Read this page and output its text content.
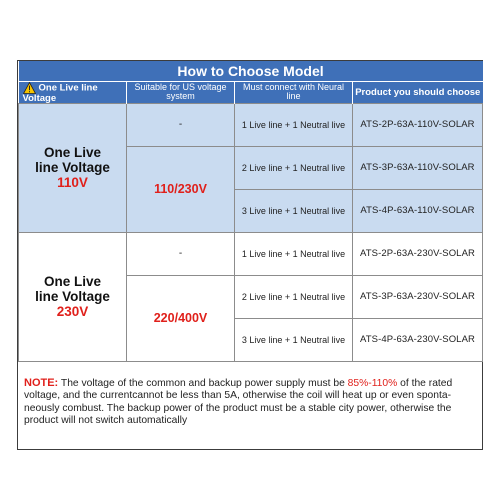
How to Choose Model			
One Live line Voltage	Suitable for US voltage system	Must connect with Neural line	Product you should choose

One Live
line Voltage
110V	-	1 Live line + 1 Neutral live	ATS-2P-63A-110V-SOLAR
	110/230V	2 Live line + 1 Neutral live	ATS-3P-63A-110V-SOLAR
		3 Live line + 1 Neutral live	ATS-4P-63A-110V-SOLAR

One Live
line Voltage
230V	-	1 Live line + 1 Neutral live	ATS-2P-63A-230V-SOLAR
	220/400V	2 Live line + 1 Neutral live	ATS-3P-63A-230V-SOLAR
		3 Live line + 1 Neutral live	ATS-4P-63A-230V-SOLAR
NOTE: The voltage of the common and backup power supply must be 85%-110% of the rated voltage, and the currentcannot be less than 5A, otherwise the coil will heat up or even sponta-neously combust. The backup power of the product must be a stable city power, otherwise the product will not switch automatically
